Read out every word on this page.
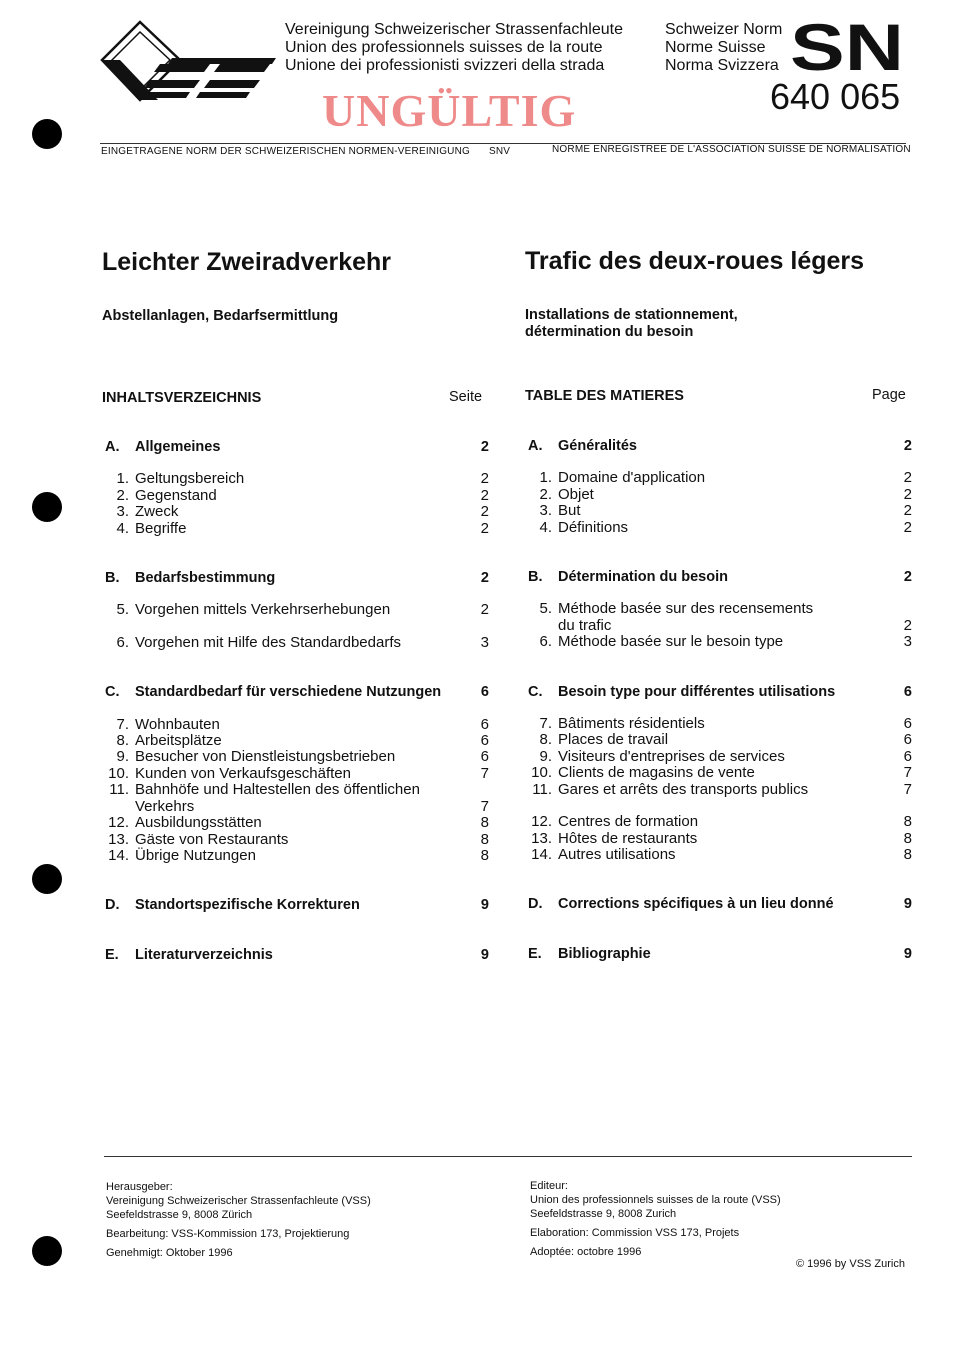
Vereinigung Schweizerischer Strassenfachleute
Union des professionnels suisses de la route
Unione dei professionisti svizzeri della strada
Schweizer Norm
Norme Suisse
Norma Svizzera SN
640 065
UNGÜLTIG
EINGETRAGENE NORM DER SCHWEIZERISCHEN NORMEN-VEREINIGUNG SNV	NORME ENREGISTREE DE L'ASSOCIATION SUISSE DE NORMALISATION
Leichter Zweiradverkehr	Trafic des deux-roues légers
Abstellanlagen, Bedarfsermittlung	Installations de stationnement,
détermination du besoin
INHALTSVERZEICHNIS	Seite	TABLE DES MATIERES	Page
A.	Allgemeines	2
1. Geltungsbereich	2
2. Gegenstand	2
3. Zweck	2
4. Begriffe	2
B.	Bedarfsbestimmung	2
5. Vorgehen mittels Verkehrserhebungen	2
6. Vorgehen mit Hilfe des Standardbedarfs	3
C.	Standardbedarf für verschiedene Nutzungen	6
7. Wohnbauten	6
8. Arbeitsplätze	6
9. Besucher von Dienstleistungsbetrieben	6
10. Kunden von Verkaufsgeschäften	7
11. Bahnhöfe und Haltestellen des öffentlichen
Verkehrs	7
12. Ausbildungsstätten	8
13. Gäste von Restaurants	8
14. Übrige Nutzungen	8
D.	Standortspezifische Korrekturen	9
E.	Literaturverzeichnis	9
A.	Généralités	2
1. Domaine d'application	2
2. Objet	2
3. But	2
4. Définitions	2
B.	Détermination du besoin	2
5. Méthode basée sur des recensements
du trafic	2
6. Méthode basée sur le besoin type	3
C.	Besoin type pour différentes utilisations	6
7. Bâtiments résidentiels	6
8. Places de travail	6
9. Visiteurs d'entreprises de services	6
10. Clients de magasins de vente	7
11. Gares et arrêts des transports publics	7
12. Centres de formation	8
13. Hôtes de restaurants	8
14. Autres utilisations	8
D.	Corrections spécifiques à un lieu donné	9
E.	Bibliographie	9
Herausgeber:
Vereinigung Schweizerischer Strassenfachleute (VSS)
Seefeldstrasse 9, 8008 Zürich
Bearbeitung: VSS-Kommission 173, Projektierung
Genehmigt: Oktober 1996
Editeur:
Union des professionnels suisses de la route (VSS)
Seefeldstrasse 9, 8008 Zurich
Elaboration: Commission VSS 173, Projets
Adoptée: octobre 1996
© 1996 by VSS Zurich
